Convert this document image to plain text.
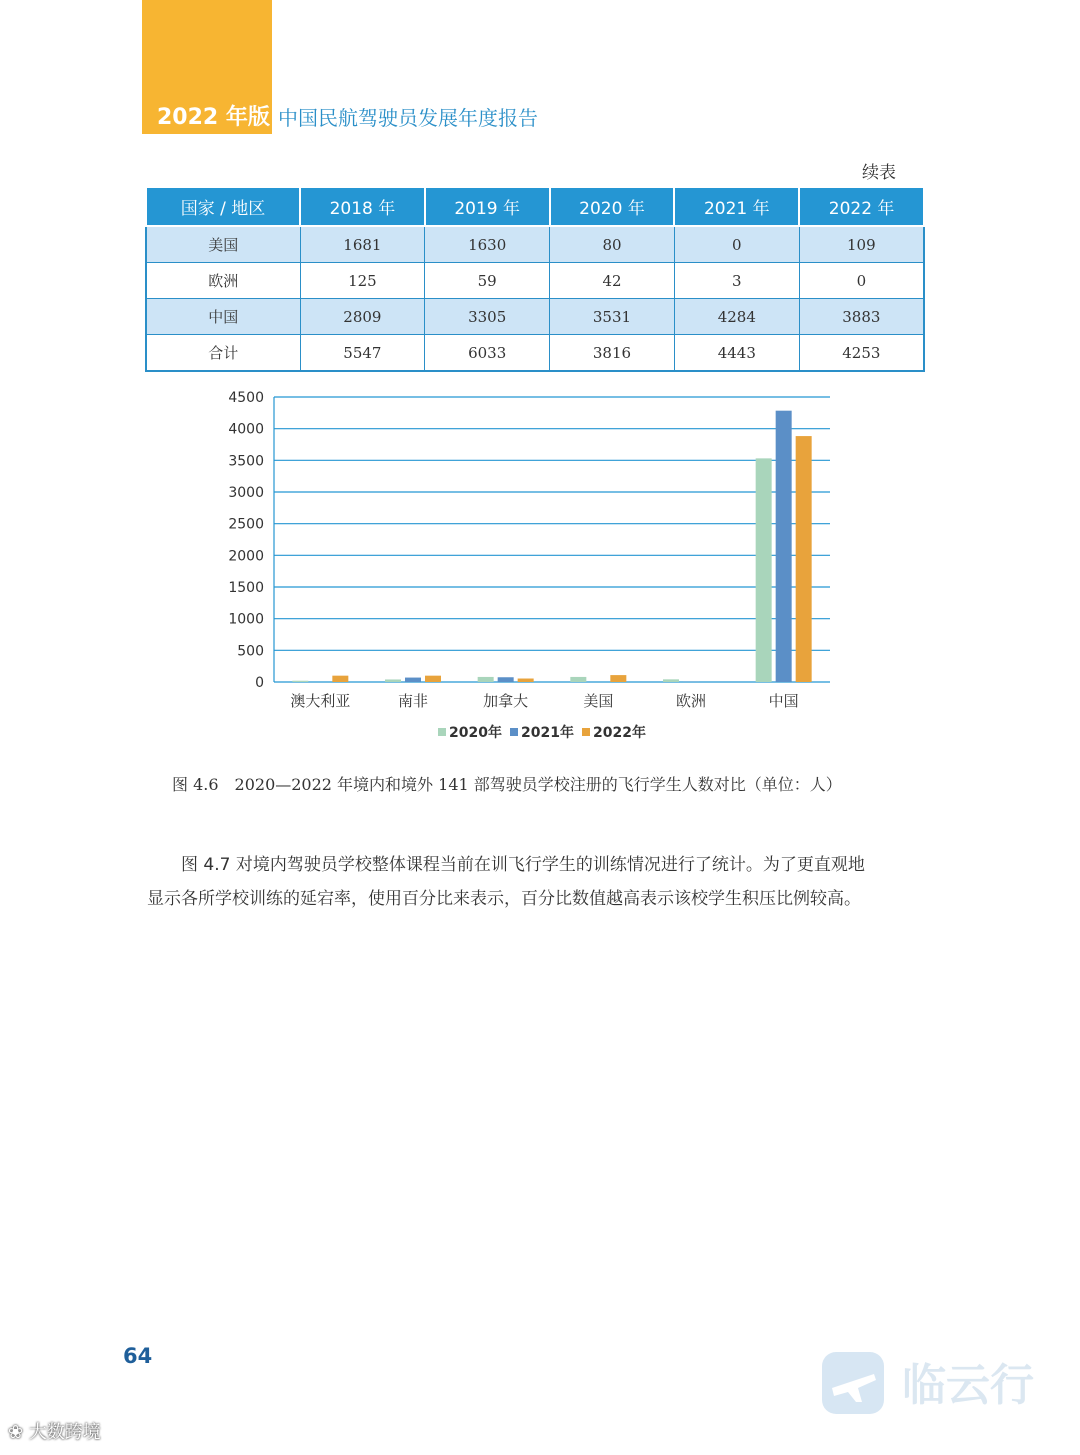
2022 年版 中国民航驾驶员发展年度报告
续表
国家 / 地区	2018 年	2019 年	2020 年	2021 年	2022 年
美国	1681	1630	80	0	109
欧洲	125	59	42	3	0
中国	2809	3305	3531	4284	3883
合计	5547	6033	3816	4443	4253
0
500
1000
1500
2000
2500
3000
3500
4000
4500
澳大利亚	南非	加拿大	美国	欧洲	中国
2020年 2021年 2022年
图 4.6　2020—2022 年境内和境外 141 部驾驶员学校注册的飞行学生人数对比（单位：人）

图 4.7 对境内驾驶员学校整体课程当前在训飞行学生的训练情况进行了统计。为了更直观地

显示各所学校训练的延宕率，使用百分比来表示，百分比数值越高表示该校学生积压比例较高。

64
❀ 大数跨境
临云行
